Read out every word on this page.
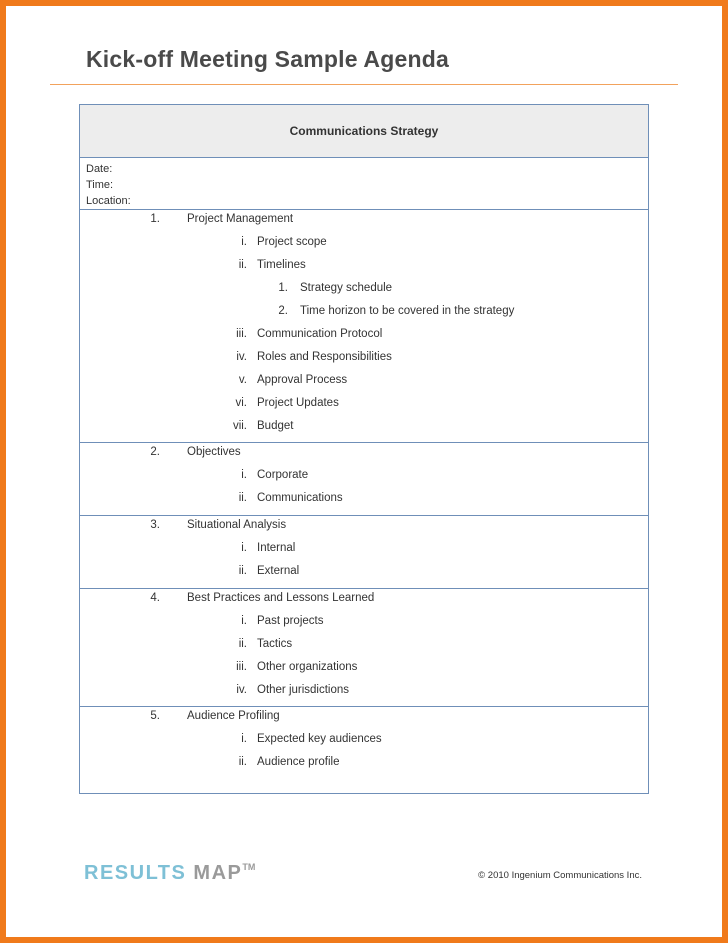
Kick-off Meeting Sample Agenda
Communications Strategy
Date:
Time:
Location:
1. Project Management
i. Project scope
ii. Timelines
1. Strategy schedule
2. Time horizon to be covered in the strategy
iii. Communication Protocol
iv. Roles and Responsibilities
v. Approval Process
vi. Project Updates
vii. Budget
2. Objectives
i. Corporate
ii. Communications
3. Situational Analysis
i. Internal
ii. External
4. Best Practices and Lessons Learned
i. Past projects
ii. Tactics
iii. Other organizations
iv. Other jurisdictions
5. Audience Profiling
i. Expected key audiences
ii. Audience profile
RESULTS MAP™
© 2010 Ingenium Communications Inc.
